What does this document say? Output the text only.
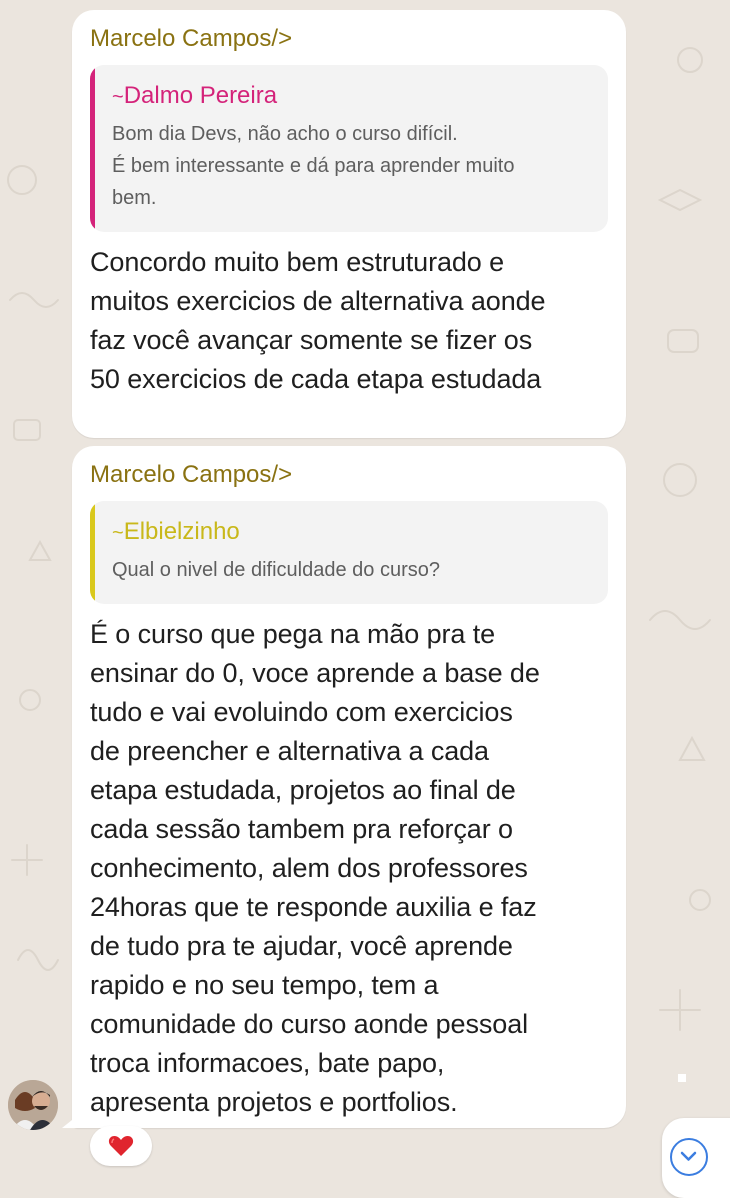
Marcelo Campos/>
~Dalmo Pereira
Bom dia Devs, não acho o curso difícil.
É bem interessante e dá para aprender muito
bem.
Concordo muito bem estruturado e
muitos exercicios de alternativa aonde
faz você avançar somente se fizer os
50 exercicios de cada etapa estudada
Marcelo Campos/>
~Elbielzinho
Qual o nivel de dificuldade do curso?
É o curso que pega na mão pra te
ensinar do 0, voce aprende a base de
tudo e vai evoluindo com exercicios
de preencher e alternativa a cada
etapa estudada, projetos ao final de
cada sessão tambem pra reforçar o
conhecimento, alem dos professores
24horas que te responde auxilia e faz
de tudo pra te ajudar, você aprende
rapido e no seu tempo, tem a
comunidade do curso aonde pessoal
troca informacoes, bate papo,
apresenta projetos e portfolios.
